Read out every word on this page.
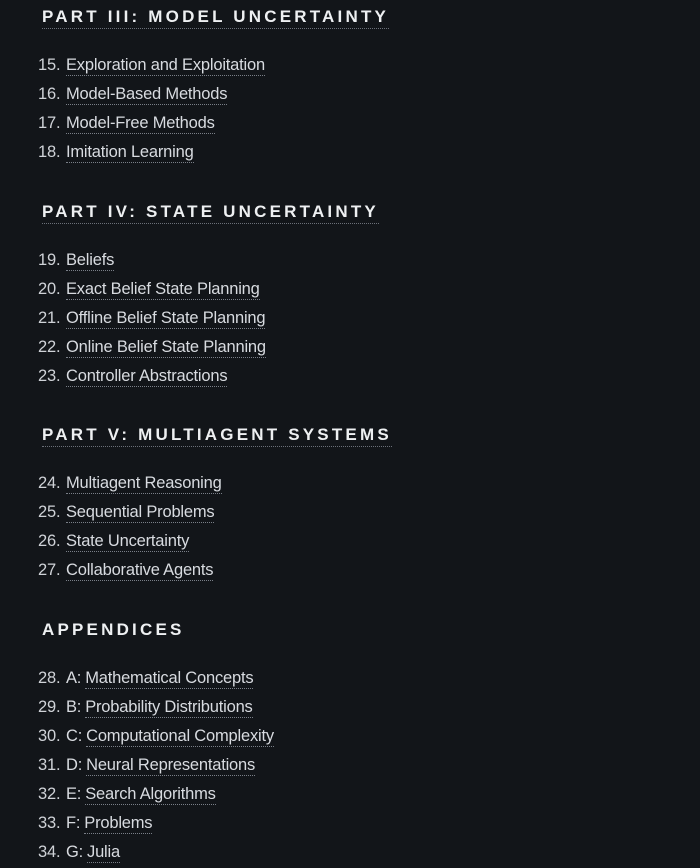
PART III: MODEL UNCERTAINTY
15. Exploration and Exploitation
16. Model-Based Methods
17. Model-Free Methods
18. Imitation Learning
PART IV: STATE UNCERTAINTY
19. Beliefs
20. Exact Belief State Planning
21. Offline Belief State Planning
22. Online Belief State Planning
23. Controller Abstractions
PART V: MULTIAGENT SYSTEMS
24. Multiagent Reasoning
25. Sequential Problems
26. State Uncertainty
27. Collaborative Agents
APPENDICES
28. A: Mathematical Concepts
29. B: Probability Distributions
30. C: Computational Complexity
31. D: Neural Representations
32. E: Search Algorithms
33. F: Problems
34. G: Julia
